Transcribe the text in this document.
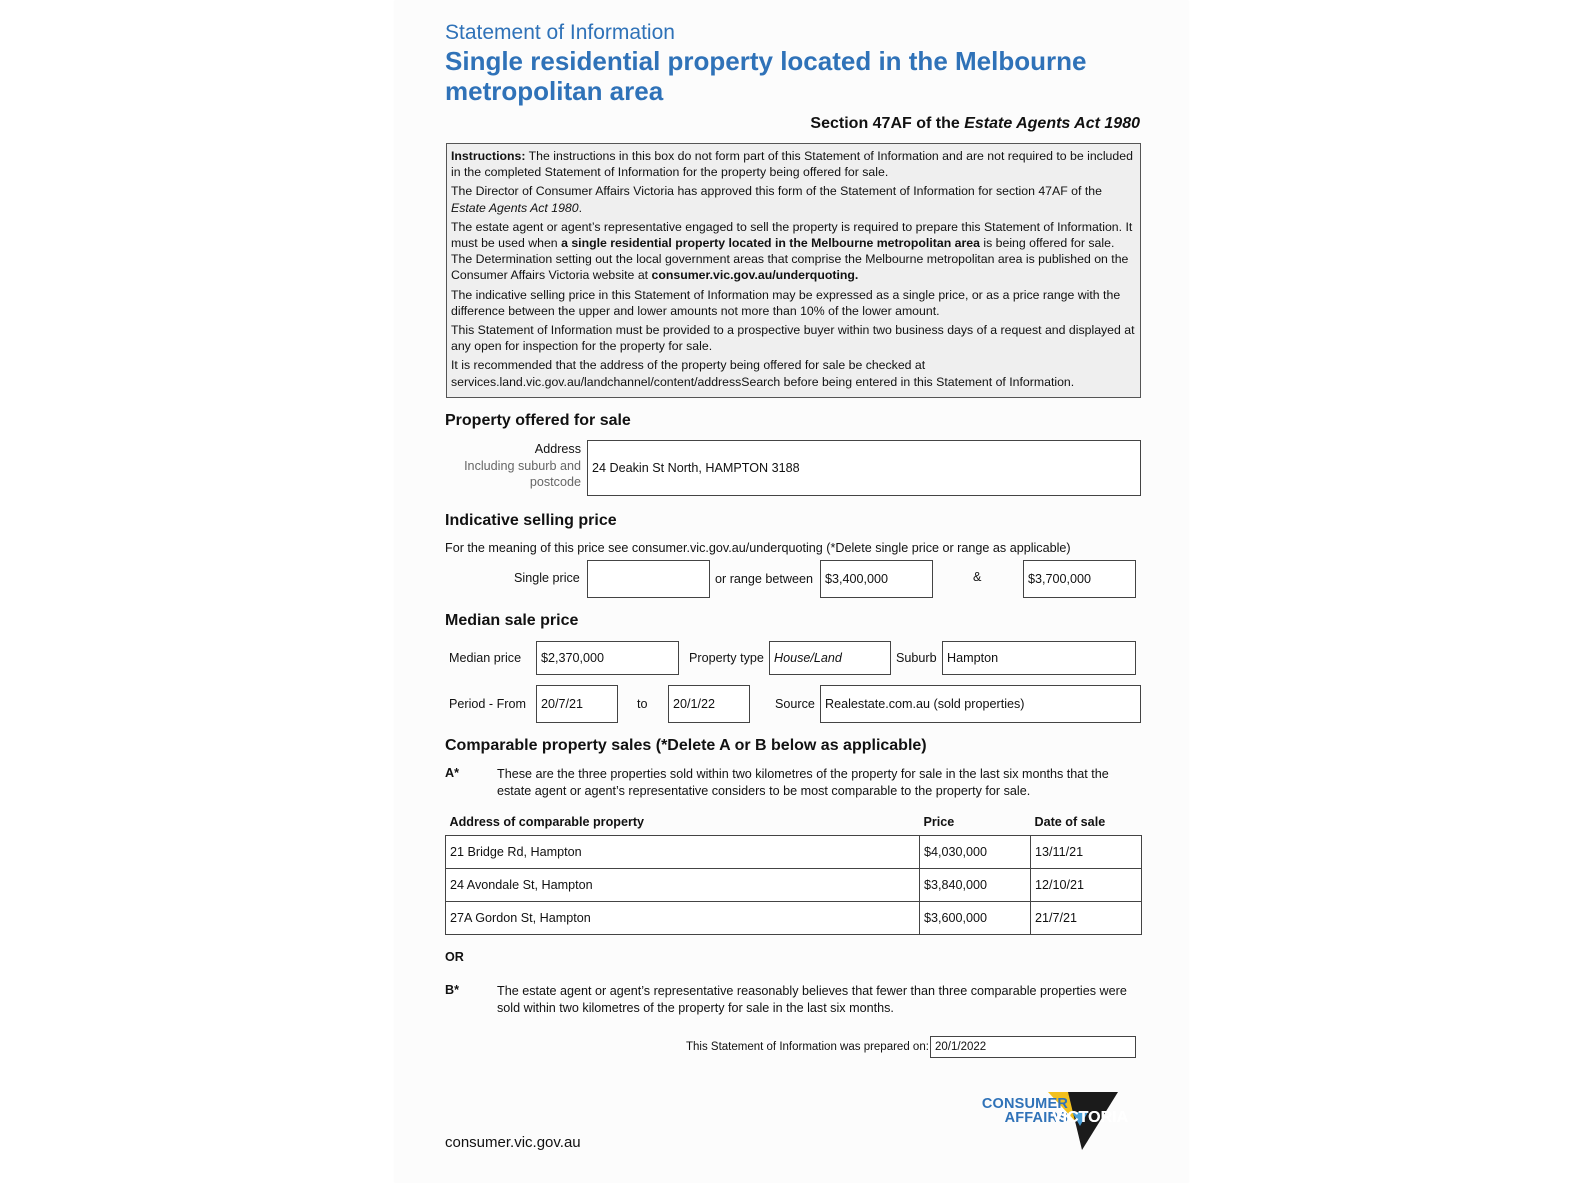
Statement of Information
Single residential property located in the Melbourne metropolitan area
Section 47AF of the Estate Agents Act 1980

Instructions: The instructions in this box do not form part of this Statement of Information and are not required to be included in the completed Statement of Information for the property being offered for sale.

The Director of Consumer Affairs Victoria has approved this form of the Statement of Information for section 47AF of the Estate Agents Act 1980.

The estate agent or agent’s representative engaged to sell the property is required to prepare this Statement of Information. It must be used when a single residential property located in the Melbourne metropolitan area is being offered for sale. The Determination setting out the local government areas that comprise the Melbourne metropolitan area is published on the Consumer Affairs Victoria website at consumer.vic.gov.au/underquoting.

The indicative selling price in this Statement of Information may be expressed as a single price, or as a price range with the difference between the upper and lower amounts not more than 10% of the lower amount.

This Statement of Information must be provided to a prospective buyer within two business days of a request and displayed at any open for inspection for the property for sale.

It is recommended that the address of the property being offered for sale be checked at services.land.vic.gov.au/landchannel/content/addressSearch before being entered in this Statement of Information.

Property offered for sale
Address
Including suburb and
postcode
24 Deakin St North, HAMPTON 3188
Indicative selling price
For the meaning of this price see consumer.vic.gov.au/underquoting (*Delete single price or range as applicable)
Single price	or range between $3,400,000	&	$3,700,000
Median sale price
Median price	$2,370,000	Property type House/Land	Suburb Hampton
Period - From	20/7/21	to	20/1/22	Source Realestate.com.au (sold properties)
Comparable property sales (*Delete A or B below as applicable)
A*	These are the three properties sold within two kilometres of the property for sale in the last six months that the estate agent or agent’s representative considers to be most comparable to the property for sale.
Address of comparable property	Price	Date of sale
21 Bridge Rd, Hampton	$4,030,000	13/11/21
24 Avondale St, Hampton	$3,840,000	12/10/21
27A Gordon St, Hampton	$3,600,000	21/7/21
OR
B*	The estate agent or agent’s representative reasonably believes that fewer than three comparable properties were sold within two kilometres of the property for sale in the last six months.
This Statement of Information was prepared on: 20/1/2022
consumer.vic.gov.au
CONSUMER
AFFAIRS
VICTORIA
